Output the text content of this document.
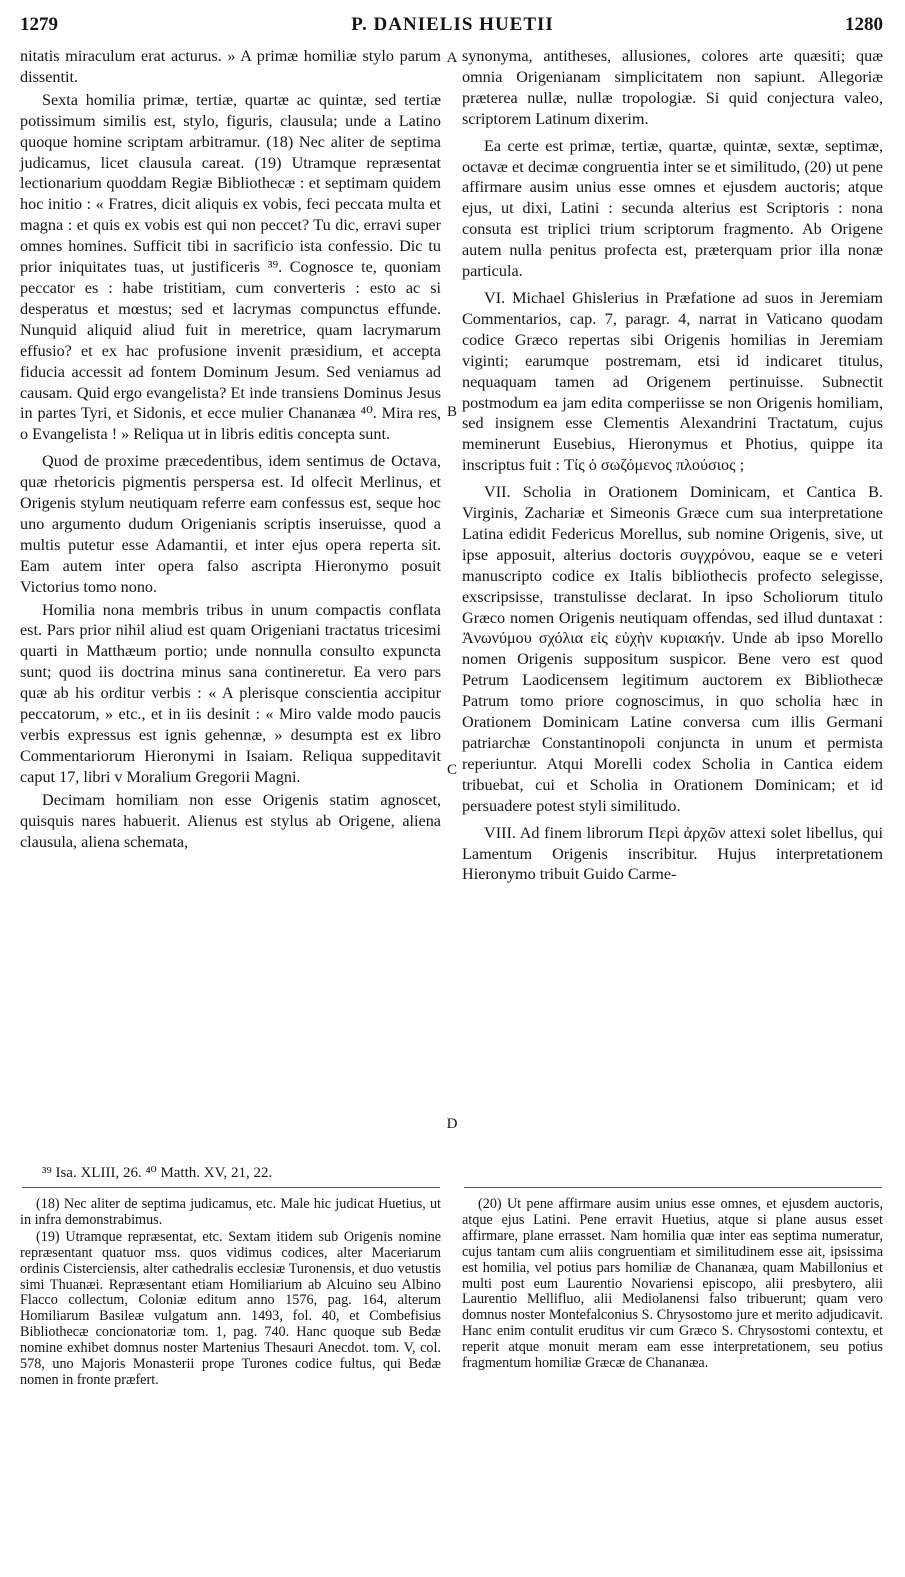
1279	P. DANIELIS HUETII	1280

nitatis miraculum erat acturus. » A primæ homiliæ stylo parum dissentit.

Sexta homilia primæ, tertiæ, quartæ ac quintæ, sed tertiæ potissimum similis est, stylo, figuris, clausula; unde a Latino quoque homine scriptam arbitramur. (18) Nec aliter de septima judicamus, licet clausula careat. (19) Utramque repræsentat lectionarium quoddam Regiæ Bibliothecæ : et septimam quidem hoc initio : « Fratres, dicit aliquis ex vobis, feci peccata multa et magna : et quis ex vobis est qui non peccet? Tu dic, erravi super omnes homines. Sufficit tibi in sacrificio ista confessio. Dic tu prior iniquitates tuas, ut justificeris ³⁹. Cognosce te, quoniam peccator es : habe tristitiam, cum converteris : esto ac si desperatus et mœstus; sed et lacrymas compunctus effunde. Nunquid aliquid aliud fuit in meretrice, quam lacrymarum effusio? et ex hac profusione invenit præsidium, et accepta fiducia accessit ad fontem Dominum Jesum. Sed veniamus ad causam. Quid ergo evangelista? Et inde transiens Dominus Jesus in partes Tyri, et Sidonis, et ecce mulier Chananæa ⁴⁰. Mira res, o Evangelista ! » Reliqua ut in libris editis concepta sunt.

Quod de proxime præcedentibus, idem sentimus de Octava, quæ rhetoricis pigmentis perspersa est. Id olfecit Merlinus, et Origenis stylum neutiquam referre eam confessus est, seque hoc uno argumento dudum Origenianis scriptis inseruisse, quod a multis putetur esse Adamantii, et inter ejus opera reperta sit. Eam autem inter opera falso ascripta Hieronymo posuit Victorius tomo nono.

Homilia nona membris tribus in unum compactis conflata est. Pars prior nihil aliud est quam Origeniani tractatus tricesimi quarti in Matthæum portio; unde nonnulla consulto expuncta sunt; quod iis doctrina minus sana contineretur. Ea vero pars quæ ab his orditur verbis : « A plerisque conscientia accipitur peccatorum, » etc., et in iis desinit : « Miro valde modo paucis verbis expressus est ignis gehennæ, » desumpta est ex libro Commentariorum Hieronymi in Isaiam. Reliqua suppeditavit caput 17, libri v Moralium Gregorii Magni.

Decimam homiliam non esse Origenis statim agnoscet, quisquis nares habuerit. Alienus est stylus ab Origene, aliena clausula, aliena schemata,

synonyma, antitheses, allusiones, colores arte quæsiti; quæ omnia Origenianam simplicitatem non sapiunt. Allegoriæ præterea nullæ, nullæ tropologiæ. Si quid conjectura valeo, scriptorem Latinum dixerim.

Ea certe est primæ, tertiæ, quartæ, quintæ, sextæ, septimæ, octavæ et decimæ congruentia inter se et similitudo, (20) ut pene affirmare ausim unius esse omnes et ejusdem auctoris; atque ejus, ut dixi, Latini : secunda alterius est Scriptoris : nona consuta est triplici trium scriptorum fragmento. Ab Origene autem nulla penitus profecta est, præterquam prior illa nonæ particula.

VI. Michael Ghislerius in Præfatione ad suos in Jeremiam Commentarios, cap. 7, paragr. 4, narrat in Vaticano quodam codice Græco repertas sibi Origenis homilias in Jeremiam viginti; earumque postremam, etsi id indicaret titulus, nequaquam tamen ad Origenem pertinuisse. Subnectit postmodum ea jam edita comperiisse se non Origenis homiliam, sed insignem esse Clementis Alexandrini Tractatum, cujus meminerunt Eusebius, Hieronymus et Photius, quippe ita inscriptus fuit : Τίς ὁ σωζόμενος πλούσιος ;

VII. Scholia in Orationem Dominicam, et Cantica B. Virginis, Zachariæ et Simeonis Græce cum sua interpretatione Latina edidit Federicus Morellus, sub nomine Origenis, sive, ut ipse apposuit, alterius doctoris συγχρόνου, eaque se e veteri manuscripto codice ex Italis bibliothecis profecto selegisse, exscripsisse, transtulisse declarat. In ipso Scholiorum titulo Græco nomen Origenis neutiquam offendas, sed illud duntaxat : Ἀνωνύμου σχόλια εἰς εὐχὴν κυριακήν. Unde ab ipso Morello nomen Origenis suppositum suspicor. Bene vero est quod Petrum Laodicensem legitimum auctorem ex Bibliothecæ Patrum tomo priore cognoscimus, in quo scholia hæc in Orationem Dominicam Latine conversa cum illis Germani patriarchæ Constantinopoli conjuncta in unum et permista reperiuntur. Atqui Morelli codex Scholia in Cantica eidem tribuebat, cui et Scholia in Orationem Dominicam; et id persuadere potest styli similitudo.

VIII. Ad finem librorum Περὶ ἀρχῶν attexi solet libellus, qui Lamentum Origenis inscribitur. Hujus interpretationem Hieronymo tribuit Guido Carme-

A
B
C
D
³⁹ Isa. XLIII, 26. ⁴⁰ Matth. XV, 21, 22.

(18) Nec aliter de septima judicamus, etc. Male hic judicat Huetius, ut in infra demonstrabimus.

(19) Utramque repræsentat, etc. Sextam itidem sub Origenis nomine repræsentant quatuor mss. quos vidimus codices, alter Maceriarum ordinis Cisterciensis, alter cathedralis ecclesiæ Turonensis, et duo vetustis simi Thuanæi. Repræsentant etiam Homiliarium ab Alcuino seu Albino Flacco collectum, Coloniæ editum anno 1576, pag. 164, alterum Homiliarum Basileæ vulgatum ann. 1493, fol. 40, et Combefisius Bibliothecæ concionatoriæ tom. 1, pag. 740. Hanc quoque sub Bedæ nomine exhibet domnus noster Martenius Thesauri Anecdot. tom. V, col. 578, uno Majoris Monasterii prope Turones codice fultus, qui Bedæ nomen in fronte præfert.

(20) Ut pene affirmare ausim unius esse omnes, et ejusdem auctoris, atque ejus Latini. Pene erravit Huetius, atque si plane ausus esset affirmare, plane errasset. Nam homilia quæ inter eas septima numeratur, cujus tantam cum aliis congruentiam et similitudinem esse ait, ipsissima est homilia, vel potius pars homiliæ de Chananæa, quam Mabillonius et multi post eum Laurentio Novariensi episcopo, alii presbytero, alii Laurentio Mellifluo, alii Mediolanensi falso tribuerunt; quam vero domnus noster Montefalconius S. Chrysostomo jure et merito adjudicavit. Hanc enim contulit eruditus vir cum Græco S. Chrysostomi contextu, et reperit atque monuit meram eam esse interpretationem, seu potius fragmentum homiliæ Græcæ de Chananæa.
